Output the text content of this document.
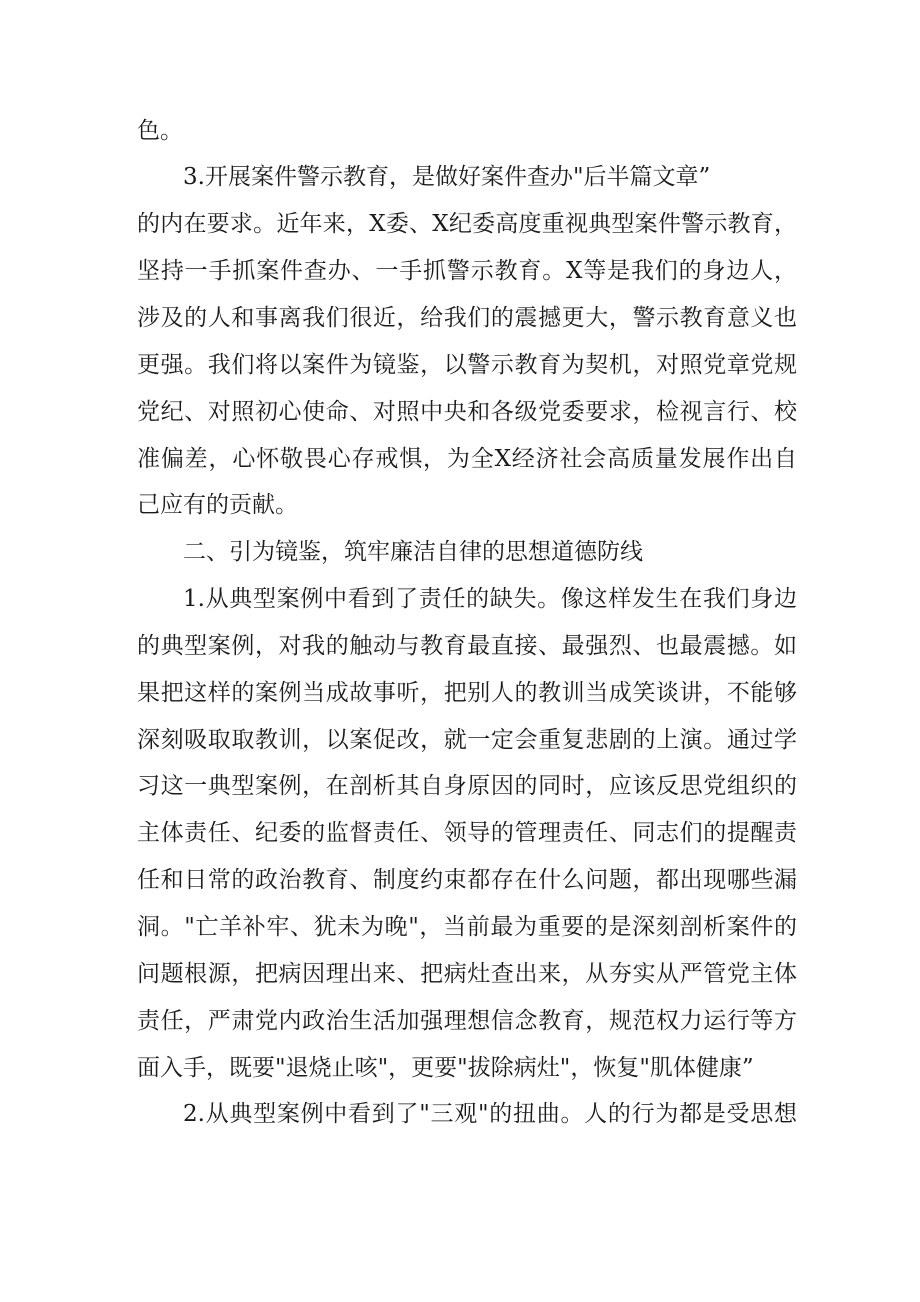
色。
3.开展案件警示教育，是做好案件查办"后半篇文章”
的内在要求。近年来，X委、X纪委高度重视典型案件警示教育，
坚持一手抓案件查办、一手抓警示教育。X等是我们的身边人，
涉及的人和事离我们很近，给我们的震撼更大，警示教育意义也
更强。我们将以案件为镜鉴，以警示教育为契机，对照党章党规
党纪、对照初心使命、对照中央和各级党委要求，检视言行、校
准偏差，心怀敬畏心存戒惧，为全X经济社会高质量发展作出自
己应有的贡献。
二、引为镜鉴，筑牢廉洁自律的思想道德防线
1.从典型案例中看到了责任的缺失。像这样发生在我们身边
的典型案例，对我的触动与教育最直接、最强烈、也最震撼。如
果把这样的案例当成故事听，把别人的教训当成笑谈讲，不能够
深刻吸取取教训，以案促改，就一定会重复悲剧的上演。通过学
习这一典型案例，在剖析其自身原因的同时，应该反思党组织的
主体责任、纪委的监督责任、领导的管理责任、同志们的提醒责
任和日常的政治教育、制度约束都存在什么问题，都出现哪些漏
洞。"亡羊补牢、犹未为晚"，当前最为重要的是深刻剖析案件的
问题根源，把病因理出来、把病灶查出来，从夯实从严管党主体
责任，严肃党内政治生活加强理想信念教育，规范权力运行等方
面入手，既要"退烧止咳"，更要"拔除病灶"，恢复"肌体健康”
2.从典型案例中看到了"三观"的扭曲。人的行为都是受思想
